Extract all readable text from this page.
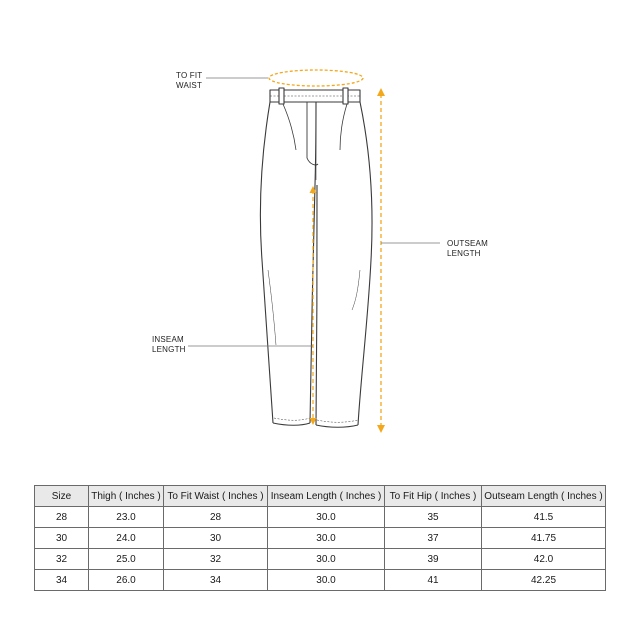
TO FIT
WAIST
OUTSEAM
LENGTH
INSEAM
LENGTH
Size	Thigh ( Inches )	To Fit Waist ( Inches )	Inseam Length ( Inches )	To Fit Hip ( Inches )	Outseam Length ( Inches )
28	23.0	28	30.0	35	41.5
30	24.0	30	30.0	37	41.75
32	25.0	32	30.0	39	42.0
34	26.0	34	30.0	41	42.25
